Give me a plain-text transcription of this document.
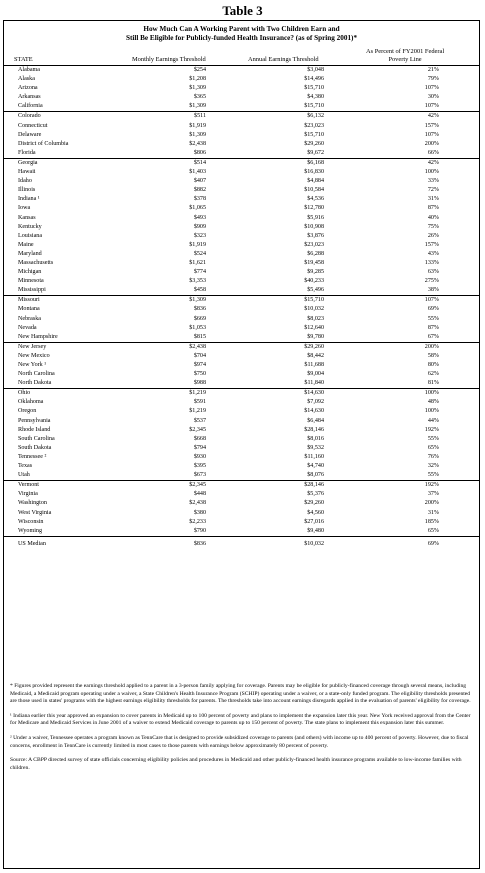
Table 3
How Much Can A Working Parent with Two Children Earn and
Still Be Eligible for Publicly-funded Health Insurance? (as of Spring 2001)*
STATE	Monthly Earnings Threshold	Annual Earnings Threshold
As Percent of FY2001 Federal
Poverty Line
Alabama	$254	$3,048	21%
Alaska	$1,208	$14,496	79%
Arizona	$1,309	$15,710	107%
Arkansas	$365	$4,380	30%
California	$1,309	$15,710	107%
Colorado	$511	$6,132	42%
Connecticut	$1,919	$23,023	157%
Delaware	$1,309	$15,710	107%
District of Columbia	$2,438	$29,260	200%
Florida	$806	$9,672	66%
Georgia	$514	$6,168	42%
Hawaii	$1,403	$16,830	100%
Idaho	$407	$4,884	33%
Illinois	$882	$10,584	72%
Indiana ¹	$378	$4,536	31%
Iowa	$1,065	$12,780	87%
Kansas	$493	$5,916	40%
Kentucky	$909	$10,908	75%
Louisiana	$323	$3,876	26%
Maine	$1,919	$23,023	157%
Maryland	$524	$6,288	43%
Massachusetts	$1,621	$19,458	133%
Michigan	$774	$9,285	63%
Minnesota	$3,353	$40,233	275%
Mississippi	$458	$5,496	38%
Missouri	$1,309	$15,710	107%
Montana	$836	$10,032	69%
Nebraska	$669	$8,023	55%
Nevada	$1,053	$12,640	87%
New Hampshire	$815	$9,780	67%
New Jersey	$2,438	$29,260	200%
New Mexico	$704	$8,442	58%
New York ¹	$974	$11,688	80%
North Carolina	$750	$9,004	62%
North Dakota	$988	$11,840	81%
Ohio	$1,219	$14,630	100%
Oklahoma	$591	$7,092	48%
Oregon	$1,219	$14,630	100%
Pennsylvania	$537	$6,484	44%
Rhode Island	$2,345	$28,146	192%
South Carolina	$668	$8,016	55%
South Dakota	$794	$9,532	65%
Tennessee ²	$930	$11,160	76%
Texas	$395	$4,740	32%
Utah	$673	$8,076	55%
Vermont	$2,345	$28,146	192%
Virginia	$448	$5,376	37%
Washington	$2,438	$29,260	200%
West Virginia	$380	$4,560	31%
Wisconsin	$2,233	$27,016	185%
Wyoming	$790	$9,480	65%
US Median	$836	$10,032	69%

* Figures provided represent the earnings threshold applied to a parent in a 3-person family applying for coverage. Parents may be eligible for publicly-financed coverage through several means, including Medicaid, a Medicaid program operating under a waiver, a State Children's Health Insurance Program (SCHIP) operating under a waiver, or a state-only funded program. The eligibility thresholds presented are those used in states' programs with the highest earnings eligibility thresholds for parents. The thresholds take into account earnings disregards applied in the evaluation of parents' eligibility for coverage.

¹ Indiana earlier this year approved an expansion to cover parents in Medicaid up to 100 percent of poverty and plans to implement the expansion later this year. New York received approval from the Center for Medicare and Medicaid Services in June 2001 of a waiver to extend Medicaid coverage to parents up to 150 percent of poverty. The state plans to implement this expansion later this summer.

² Under a waiver, Tennessee operates a program known as TennCare that is designed to provide subsidized coverage to parents (and others) with income up to 400 percent of poverty. However, due to fiscal concerns, enrollment in TennCare is currently limited in most cases to those parents with earnings below approximately 80 percent of poverty.

Source: A CBPP directed survey of state officials concerning eligibility policies and procedures in Medicaid and other publicly-financed health insurance programs available to low-income families with children.
